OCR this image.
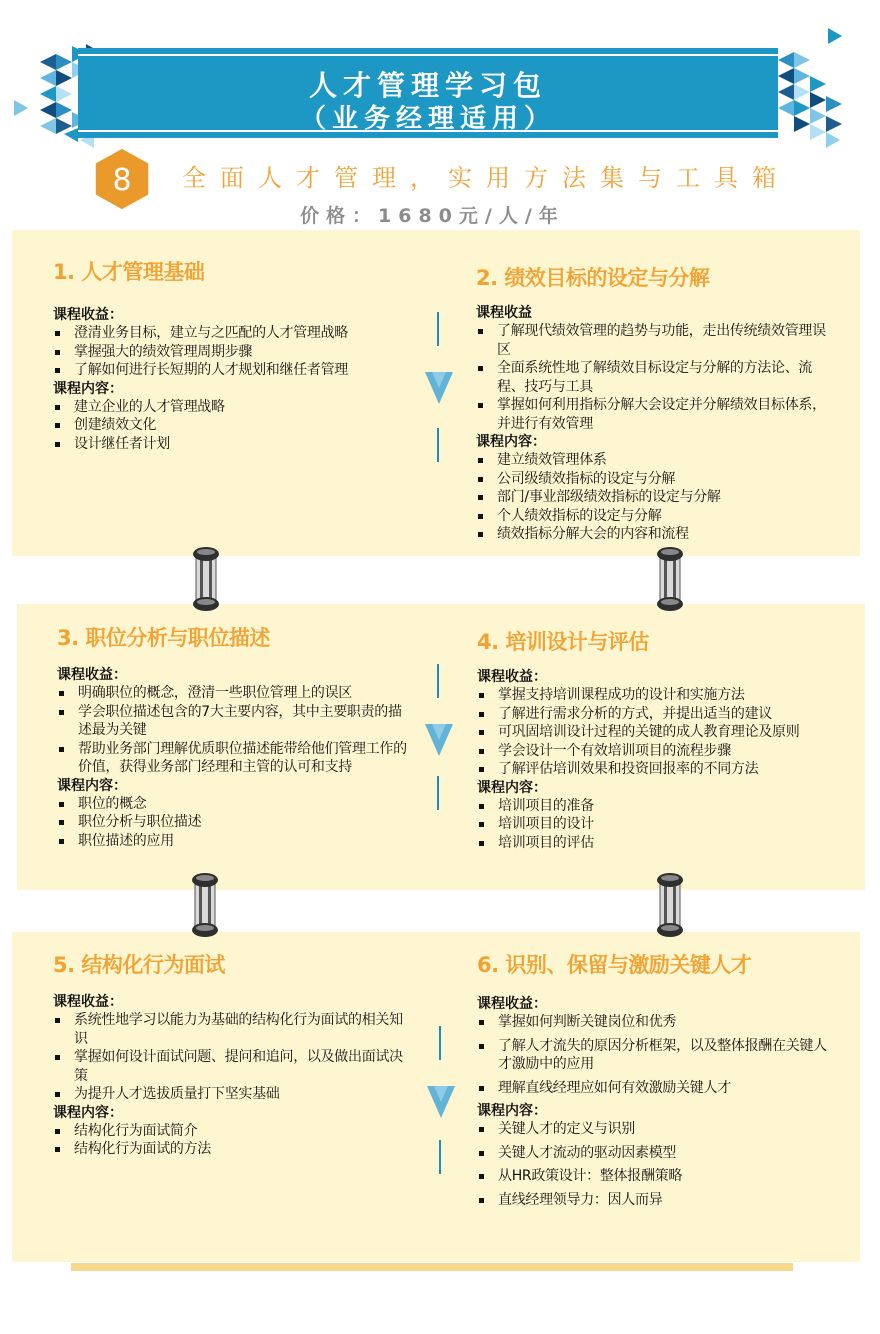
人才管理学习包
（业务经理适用）
8 全面人才管理，实用方法集与工具箱
价格：1680元/人/年
1. 人才管理基础
课程收益：
澄清业务目标，建立与之匹配的人才管理战略
掌握强大的绩效管理周期步骤
了解如何进行长短期的人才规划和继任者管理
课程内容：
建立企业的人才管理战略
创建绩效文化
设计继任者计划
2. 绩效目标的设定与分解
课程收益
了解现代绩效管理的趋势与功能，走出传统绩效管理误区
全面系统性地了解绩效目标设定与分解的方法论、流程、技巧与工具
掌握如何利用指标分解大会设定并分解绩效目标体系，并进行有效管理
课程内容：
建立绩效管理体系
公司级绩效指标的设定与分解
部门/事业部级绩效指标的设定与分解
个人绩效指标的设定与分解
绩效指标分解大会的内容和流程
3. 职位分析与职位描述
课程收益：
明确职位的概念，澄清一些职位管理上的误区
学会职位描述包含的7大主要内容，其中主要职责的描述最为关键
帮助业务部门理解优质职位描述能带给他们管理工作的价值，获得业务部门经理和主管的认可和支持
课程内容：
职位的概念
职位分析与职位描述
职位描述的应用
4. 培训设计与评估
课程收益：
掌握支持培训课程成功的设计和实施方法
了解进行需求分析的方式，并提出适当的建议
可巩固培训设计过程的关键的成人教育理论及原则
学会设计一个有效培训项目的流程步骤
了解评估培训效果和投资回报率的不同方法
课程内容：
培训项目的准备
培训项目的设计
培训项目的评估
5. 结构化行为面试
课程收益：
系统性地学习以能力为基础的结构化行为面试的相关知识
掌握如何设计面试问题、提问和追问，以及做出面试决策
为提升人才选拔质量打下坚实基础
课程内容：
结构化行为面试简介
结构化行为面试的方法
6. 识别、保留与激励关键人才
课程收益：
掌握如何判断关键岗位和优秀
了解人才流失的原因分析框架，以及整体报酬在关键人才激励中的应用
理解直线经理应如何有效激励关键人才
课程内容：
关键人才的定义与识别
关键人才流动的驱动因素模型
从HR政策设计：整体报酬策略
直线经理领导力：因人而异
